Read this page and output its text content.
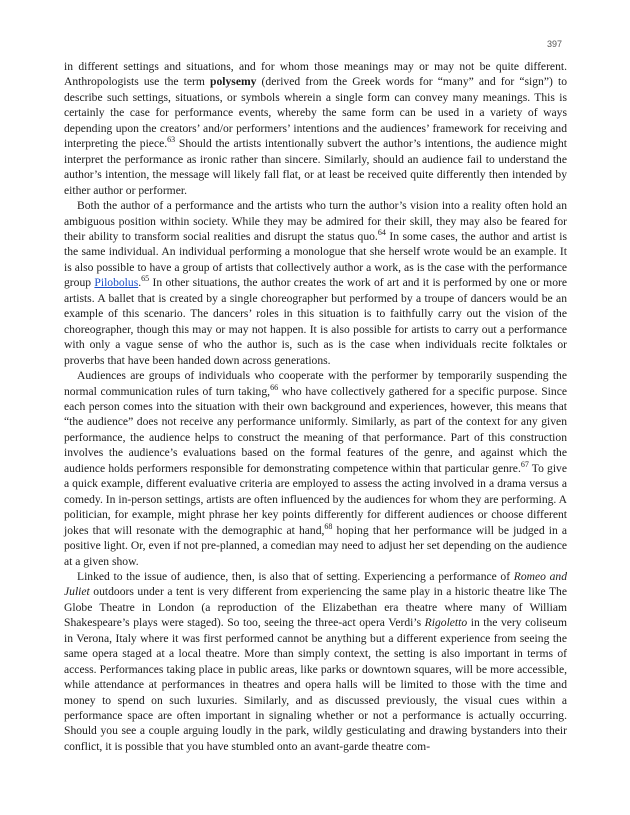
397

in different settings and situations, and for whom those meanings may or may not be quite different. Anthropologists use the term polysemy (derived from the Greek words for “many” and for “sign”) to describe such settings, situations, or symbols wherein a single form can convey many meanings. This is certainly the case for performance events, whereby the same form can be used in a variety of ways depending upon the creators’ and/or performers’ intentions and the audiences’ framework for receiving and interpreting the piece.$^{63}$ Should the artists intentionally subvert the author’s intentions, the audience might interpret the performance as ironic rather than sincere. Similarly, should an audience fail to understand the author’s intention, the message will likely fall flat, or at least be received quite differently then intended by either author or performer.

Both the author of a performance and the artists who turn the author’s vision into a reality often hold an ambiguous position within society. While they may be admired for their skill, they may also be feared for their ability to transform social realities and disrupt the status quo.$^{64}$ In some cases, the author and artist is the same individual. An individual performing a monologue that she herself wrote would be an example. It is also possible to have a group of artists that collectively author a work, as is the case with the performance group Pilobolus.$^{65}$ In other situations, the author creates the work of art and it is performed by one or more artists. A ballet that is created by a single choreographer but performed by a troupe of dancers would be an example of this scenario. The dancers’ roles in this situation is to faithfully carry out the vision of the choreographer, though this may or may not happen. It is also possible for artists to carry out a performance with only a vague sense of who the author is, such as is the case when individuals recite folktales or proverbs that have been handed down across generations.

Audiences are groups of individuals who cooperate with the performer by temporarily suspending the normal communication rules of turn taking,$^{66}$ who have collectively gathered for a specific purpose. Since each person comes into the situation with their own background and experiences, however, this means that “the audience” does not receive any performance uniformly. Similarly, as part of the context for any given performance, the audience helps to construct the meaning of that performance. Part of this construction involves the audience’s evaluations based on the formal features of the genre, and against which the audience holds performers responsible for demonstrating competence within that particular genre.$^{67}$ To give a quick example, different evaluative criteria are employed to assess the acting involved in a drama versus a comedy. In in-person settings, artists are often influenced by the audiences for whom they are performing. A politician, for example, might phrase her key points differently for different audiences or choose different jokes that will resonate with the demographic at hand,$^{68}$ hoping that her performance will be judged in a positive light. Or, even if not pre-planned, a comedian may need to adjust her set depending on the audience at a given show.

Linked to the issue of audience, then, is also that of setting. Experiencing a performance of Romeo and Juliet outdoors under a tent is very different from experiencing the same play in a historic theatre like The Globe Theatre in London (a reproduction of the Elizabethan era theatre where many of William Shakespeare’s plays were staged). So too, seeing the three-act opera Verdi’s Rigoletto in the very coliseum in Verona, Italy where it was first performed cannot be anything but a different experience from seeing the same opera staged at a local theatre. More than simply context, the setting is also important in terms of access. Performances taking place in public areas, like parks or downtown squares, will be more accessible, while attendance at performances in theatres and opera halls will be limited to those with the time and money to spend on such luxuries. Similarly, and as discussed previously, the visual cues within a performance space are often important in signaling whether or not a performance is actually occurring. Should you see a couple arguing loudly in the park, wildly gesticulating and drawing bystanders into their conflict, it is possible that you have stumbled onto an avant-garde theatre com-
